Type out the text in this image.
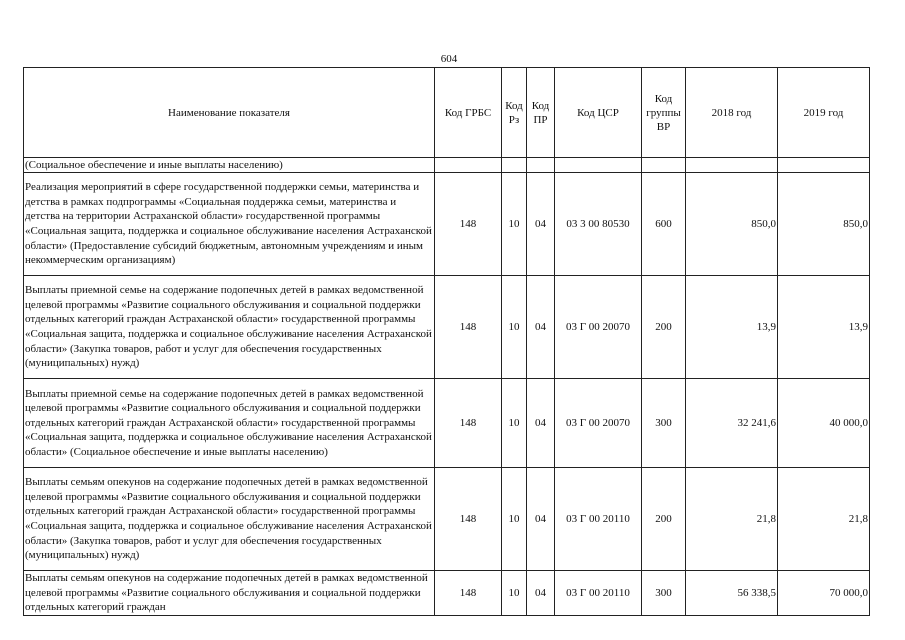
604
Наименование показателя	Код ГРБС	Код Рз	Код ПР	Код ЦСР	Код группы ВР	2018 год	2019 год
(Социальное обеспечение и иные выплаты населению)							
Реализация мероприятий в сфере государственной поддержки семьи, материнства и детства в рамках подпрограммы «Социальная поддержка семьи, материнства и детства на территории Астраханской области» государственной программы «Социальная защита, поддержка и социальное обслуживание населения Астраханской области» (Предоставление субсидий бюджетным, автономным учреждениям и иным некоммерческим организациям)	148	10	04	03 3 00 80530	600	850,0	850,0
Выплаты приемной семье на содержание подопечных детей в рамках ведомственной целевой программы «Развитие социального обслуживания и социальной поддержки отдельных категорий граждан Астраханской области» государственной программы «Социальная защита, поддержка и социальное обслуживание населения Астраханской области» (Закупка товаров, работ и услуг для обеспечения государственных (муниципальных) нужд)	148	10	04	03 Г 00 20070	200	13,9	13,9
Выплаты приемной семье на содержание подопечных детей в рамках ведомственной целевой программы «Развитие социального обслуживания и социальной поддержки отдельных категорий граждан Астраханской области» государственной программы «Социальная защита, поддержка и социальное обслуживание населения Астраханской области» (Социальное обеспечение и иные выплаты населению)	148	10	04	03 Г 00 20070	300	32 241,6	40 000,0
Выплаты семьям опекунов на содержание подопечных детей в рамках ведомственной целевой программы «Развитие социального обслуживания и социальной поддержки отдельных категорий граждан Астраханской области» государственной программы «Социальная защита, поддержка и социальное обслуживание населения Астраханской области» (Закупка товаров, работ и услуг для обеспечения государственных (муниципальных) нужд)	148	10	04	03 Г 00 20110	200	21,8	21,8
Выплаты семьям опекунов на содержание подопечных детей в рамках ведомственной целевой программы «Развитие социального обслуживания и социальной поддержки отдельных категорий граждан	148	10	04	03 Г 00 20110	300	56 338,5	70 000,0
